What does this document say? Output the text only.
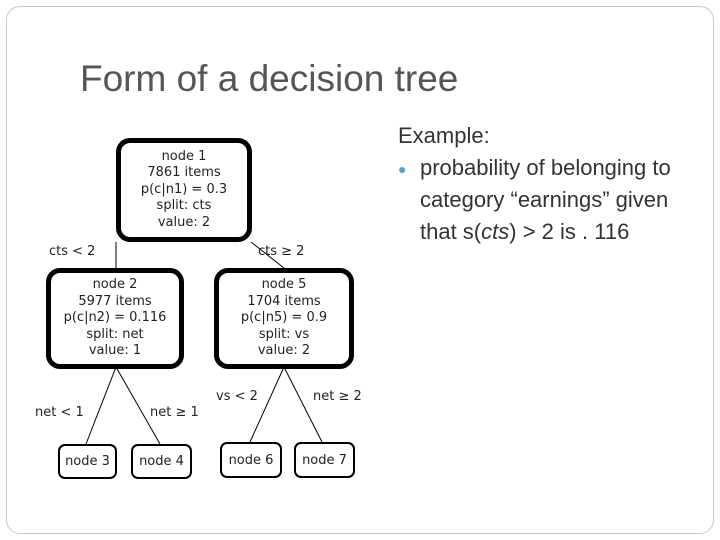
Form of a decision tree
node 1
7861 items
p(c|n1) = 0.3
split: cts
value: 2
node 2
5977 items
p(c|n2) = 0.116
split: net
value: 1
node 5
1704 items
p(c|n5) = 0.9
split: vs
value: 2
node 3	node 4	node 6	node 7
cts < 2	cts ≥ 2
net < 1	net ≥ 1
vs < 2	net ≥ 2
Example:
● probability of belonging to category “earnings” given that s(cts) > 2 is . 116
